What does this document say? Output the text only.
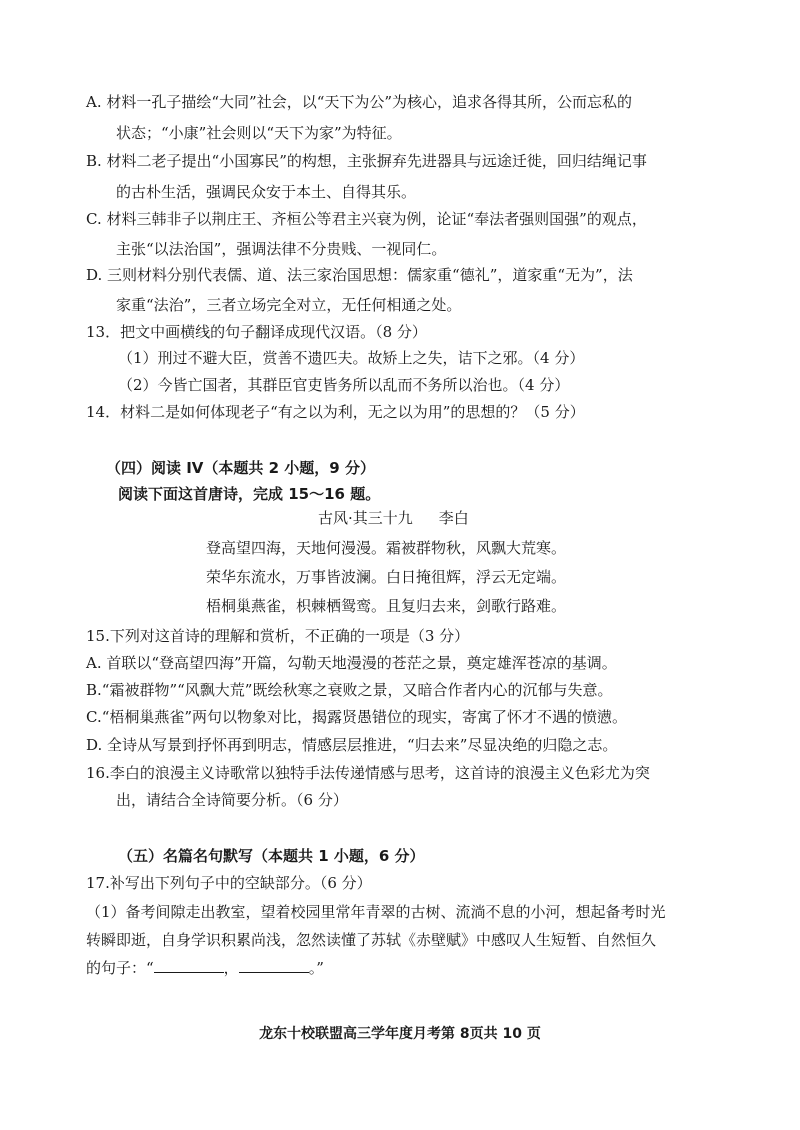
A. 材料一孔子描绘“大同”社会，以“天下为公”为核心，追求各得其所，公而忘私的
状态；“小康”社会则以“天下为家”为特征。
B. 材料二老子提出“小国寡民”的构想，主张摒弃先进器具与远途迁徙，回归结绳记事
的古朴生活，强调民众安于本土、自得其乐。
C. 材料三韩非子以荆庄王、齐桓公等君主兴衰为例，论证“奉法者强则国强”的观点，
主张“以法治国”，强调法律不分贵贱、一视同仁。
D. 三则材料分别代表儒、道、法三家治国思想：儒家重“德礼”，道家重“无为”，法
家重“法治”，三者立场完全对立，无任何相通之处。
13．把文中画横线的句子翻译成现代汉语。（8 分）
（1）刑过不避大臣，赏善不遗匹夫。故矫上之失，诘下之邪。（4 分）
（2）今皆亡国者，其群臣官吏皆务所以乱而不务所以治也。（4 分）
14．材料二是如何体现老子“有之以为利，无之以为用”的思想的？（5 分）
（四）阅读 IV（本题共 2 小题，9 分）
阅读下面这首唐诗，完成 15～16 题。
古风·其三十九 李白
登高望四海，天地何漫漫。霜被群物秋，风飘大荒寒。
荣华东流水，万事皆波澜。白日掩徂辉，浮云无定端。
梧桐巢燕雀，枳棘栖鸳鸾。且复归去来，剑歌行路难。
15.下列对这首诗的理解和赏析，不正确的一项是（3 分）
A. 首联以“登高望四海”开篇，勾勒天地漫漫的苍茫之景，奠定雄浑苍凉的基调。
B.“霜被群物”“风飘大荒”既绘秋寒之衰败之景，又暗合作者内心的沉郁与失意。
C.“梧桐巢燕雀”两句以物象对比，揭露贤愚错位的现实，寄寓了怀才不遇的愤懑。
D. 全诗从写景到抒怀再到明志，情感层层推进，“归去来”尽显决绝的归隐之志。
16.李白的浪漫主义诗歌常以独特手法传递情感与思考，这首诗的浪漫主义色彩尤为突
出，请结合全诗简要分析。（6 分）
（五）名篇名句默写（本题共 1 小题，6 分）
17.补写出下列句子中的空缺部分。（6 分）
（1）备考间隙走出教室，望着校园里常年青翠的古树、流淌不息的小河，想起备考时光
转瞬即逝，自身学识积累尚浅，忽然读懂了苏轼《赤壁赋》中感叹人生短暂、自然恒久
的句子：“	，	。”
龙东十校联盟高三学年度月考第 8页共 10 页
